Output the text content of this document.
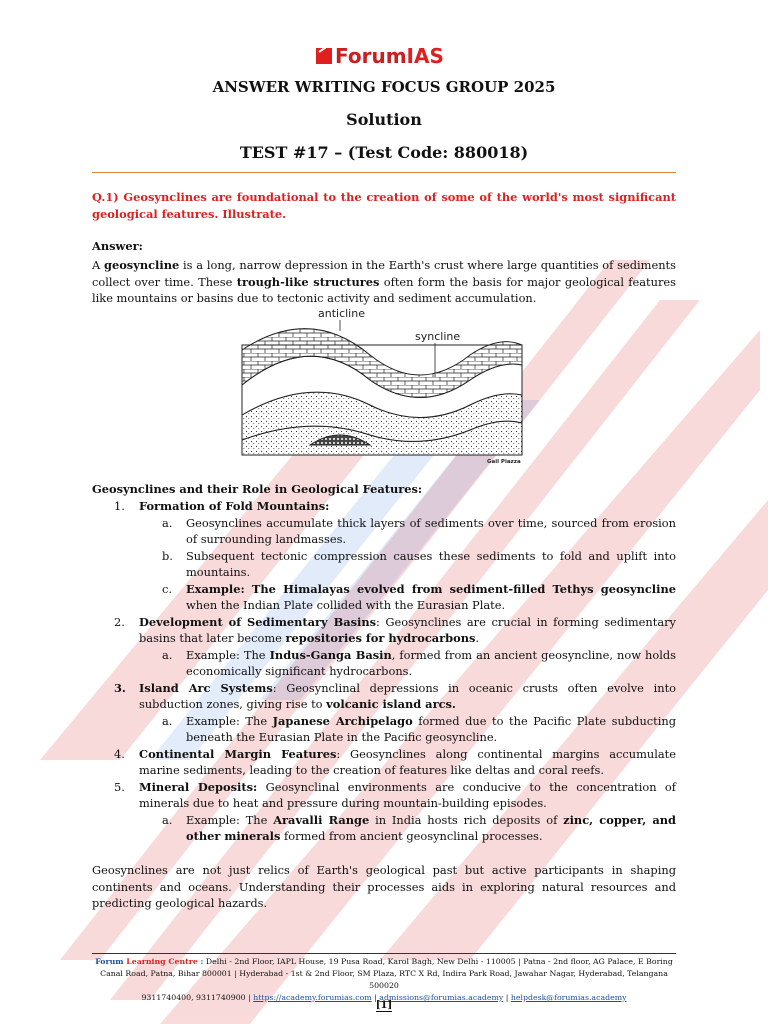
ForumIAS
ANSWER WRITING FOCUS GROUP 2025
Solution
TEST #17 – (Test Code: 880018)
Q.1) Geosynclines are foundational to the creation of some of the world's most significant geological features. Illustrate.
Answer:
A geosyncline is a long, narrow depression in the Earth's crust where large quantities of sediments collect over time. These trough-like structures often form the basis for major geological features like mountains or basins due to tectonic activity and sediment accumulation.
anticline
syncline
Gail Piazza
Geosynclines and their Role in Geological Features:
1. Formation of Fold Mountains:
a. Geosynclines accumulate thick layers of sediments over time, sourced from erosion of surrounding landmasses.
b. Subsequent tectonic compression causes these sediments to fold and uplift into mountains.
c. Example: The Himalayas evolved from sediment-filled Tethys geosyncline when the Indian Plate collided with the Eurasian Plate.
2. Development of Sedimentary Basins: Geosynclines are crucial in forming sedimentary basins that later become repositories for hydrocarbons.
a. Example: The Indus-Ganga Basin, formed from an ancient geosyncline, now holds economically significant hydrocarbons.
3. Island Arc Systems: Geosynclinal depressions in oceanic crusts often evolve into subduction zones, giving rise to volcanic island arcs.
a. Example: The Japanese Archipelago formed due to the Pacific Plate subducting beneath the Eurasian Plate in the Pacific geosyncline.
4. Continental Margin Features: Geosynclines along continental margins accumulate marine sediments, leading to the creation of features like deltas and coral reefs.
5. Mineral Deposits: Geosynclinal environments are conducive to the concentration of minerals due to heat and pressure during mountain-building episodes.
a. Example: The Aravalli Range in India hosts rich deposits of zinc, copper, and other minerals formed from ancient geosynclinal processes.
Geosynclines are not just relics of Earth's geological past but active participants in shaping continents and oceans. Understanding their processes aids in exploring natural resources and predicting geological hazards.
Forum Learning Centre : Delhi - 2nd Floor, IAPL House, 19 Pusa Road, Karol Bagh, New Delhi - 110005 | Patna - 2nd floor, AG Palace, E Boring Canal Road, Patna, Bihar 800001 | Hyderabad - 1st & 2nd Floor, SM Plaza, RTC X Rd, Indira Park Road, Jawahar Nagar, Hyderabad, Telangana 500020
9311740400, 9311740900 | https://academy.forumias.com | admissions@forumias.academy | helpdesk@forumias.academy
[1]
